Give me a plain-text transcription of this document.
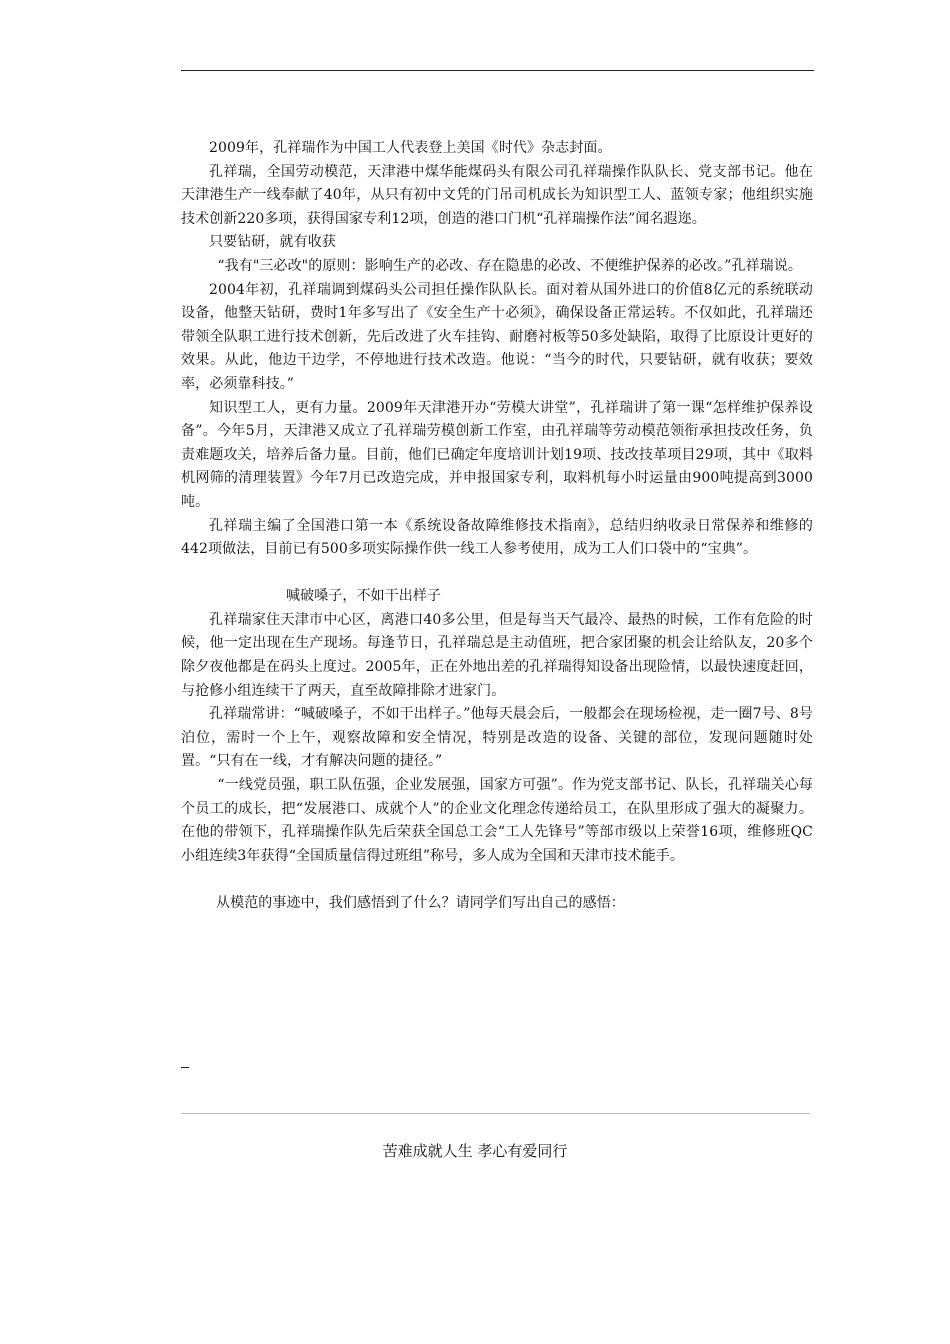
2009年，孔祥瑞作为中国工人代表登上美国《时代》杂志封面。

孔祥瑞，全国劳动模范，天津港中煤华能煤码头有限公司孔祥瑞操作队队长、党支部书记。他在天津港生产一线奉献了40年，从只有初中文凭的门吊司机成长为知识型工人、蓝领专家；他组织实施技术创新220多项，获得国家专利12项，创造的港口门机“孔祥瑞操作法”闻名遐迩。

只要钻研，就有收获

“我有"三必改"的原则：影响生产的必改、存在隐患的必改、不便维护保养的必改。”孔祥瑞说。

2004年初，孔祥瑞调到煤码头公司担任操作队队长。面对着从国外进口的价值8亿元的系统联动设备，他整天钻研，费时1年多写出了《安全生产十必须》，确保设备正常运转。不仅如此，孔祥瑞还带领全队职工进行技术创新，先后改进了火车挂钩、耐磨衬板等50多处缺陷，取得了比原设计更好的效果。从此，他边干边学，不停地进行技术改造。他说：“当今的时代，只要钻研，就有收获；要效率，必须靠科技。”

知识型工人，更有力量。2009年天津港开办“劳模大讲堂”，孔祥瑞讲了第一课“怎样维护保养设备”。今年5月，天津港又成立了孔祥瑞劳模创新工作室，由孔祥瑞等劳动模范领衔承担技改任务，负责难题攻关，培养后备力量。目前，他们已确定年度培训计划19项、技改技革项目29项，其中《取料机网筛的清理装置》今年7月已改造完成，并申报国家专利，取料机每小时运量由900吨提高到3000吨。

孔祥瑞主编了全国港口第一本《系统设备故障维修技术指南》，总结归纳收录日常保养和维修的442项做法，目前已有500多项实际操作供一线工人参考使用，成为工人们口袋中的“宝典”。

喊破嗓子，不如干出样子

孔祥瑞家住天津市中心区，离港口40多公里，但是每当天气最冷、最热的时候，工作有危险的时候，他一定出现在生产现场。每逢节日，孔祥瑞总是主动值班，把合家团聚的机会让给队友，20多个除夕夜他都是在码头上度过。2005年，正在外地出差的孔祥瑞得知设备出现险情，以最快速度赶回，与抢修小组连续干了两天，直至故障排除才进家门。

孔祥瑞常讲：“喊破嗓子，不如干出样子。”他每天晨会后，一般都会在现场检视，走一圈7号、8号泊位，需时一个上午，观察故障和安全情况，特别是改造的设备、关键的部位，发现问题随时处置。“只有在一线，才有解决问题的捷径。”

“一线党员强，职工队伍强，企业发展强，国家方可强”。作为党支部书记、队长，孔祥瑞关心每个员工的成长，把“发展港口、成就个人”的企业文化理念传递给员工，在队里形成了强大的凝聚力。在他的带领下，孔祥瑞操作队先后荣获全国总工会“工人先锋号”等部市级以上荣誉16项，维修班QC小组连续3年获得“全国质量信得过班组”称号，多人成为全国和天津市技术能手。

从模范的事迹中，我们感悟到了什么？请同学们写出自己的感悟：

苦难成就人生 孝心有爱同行
